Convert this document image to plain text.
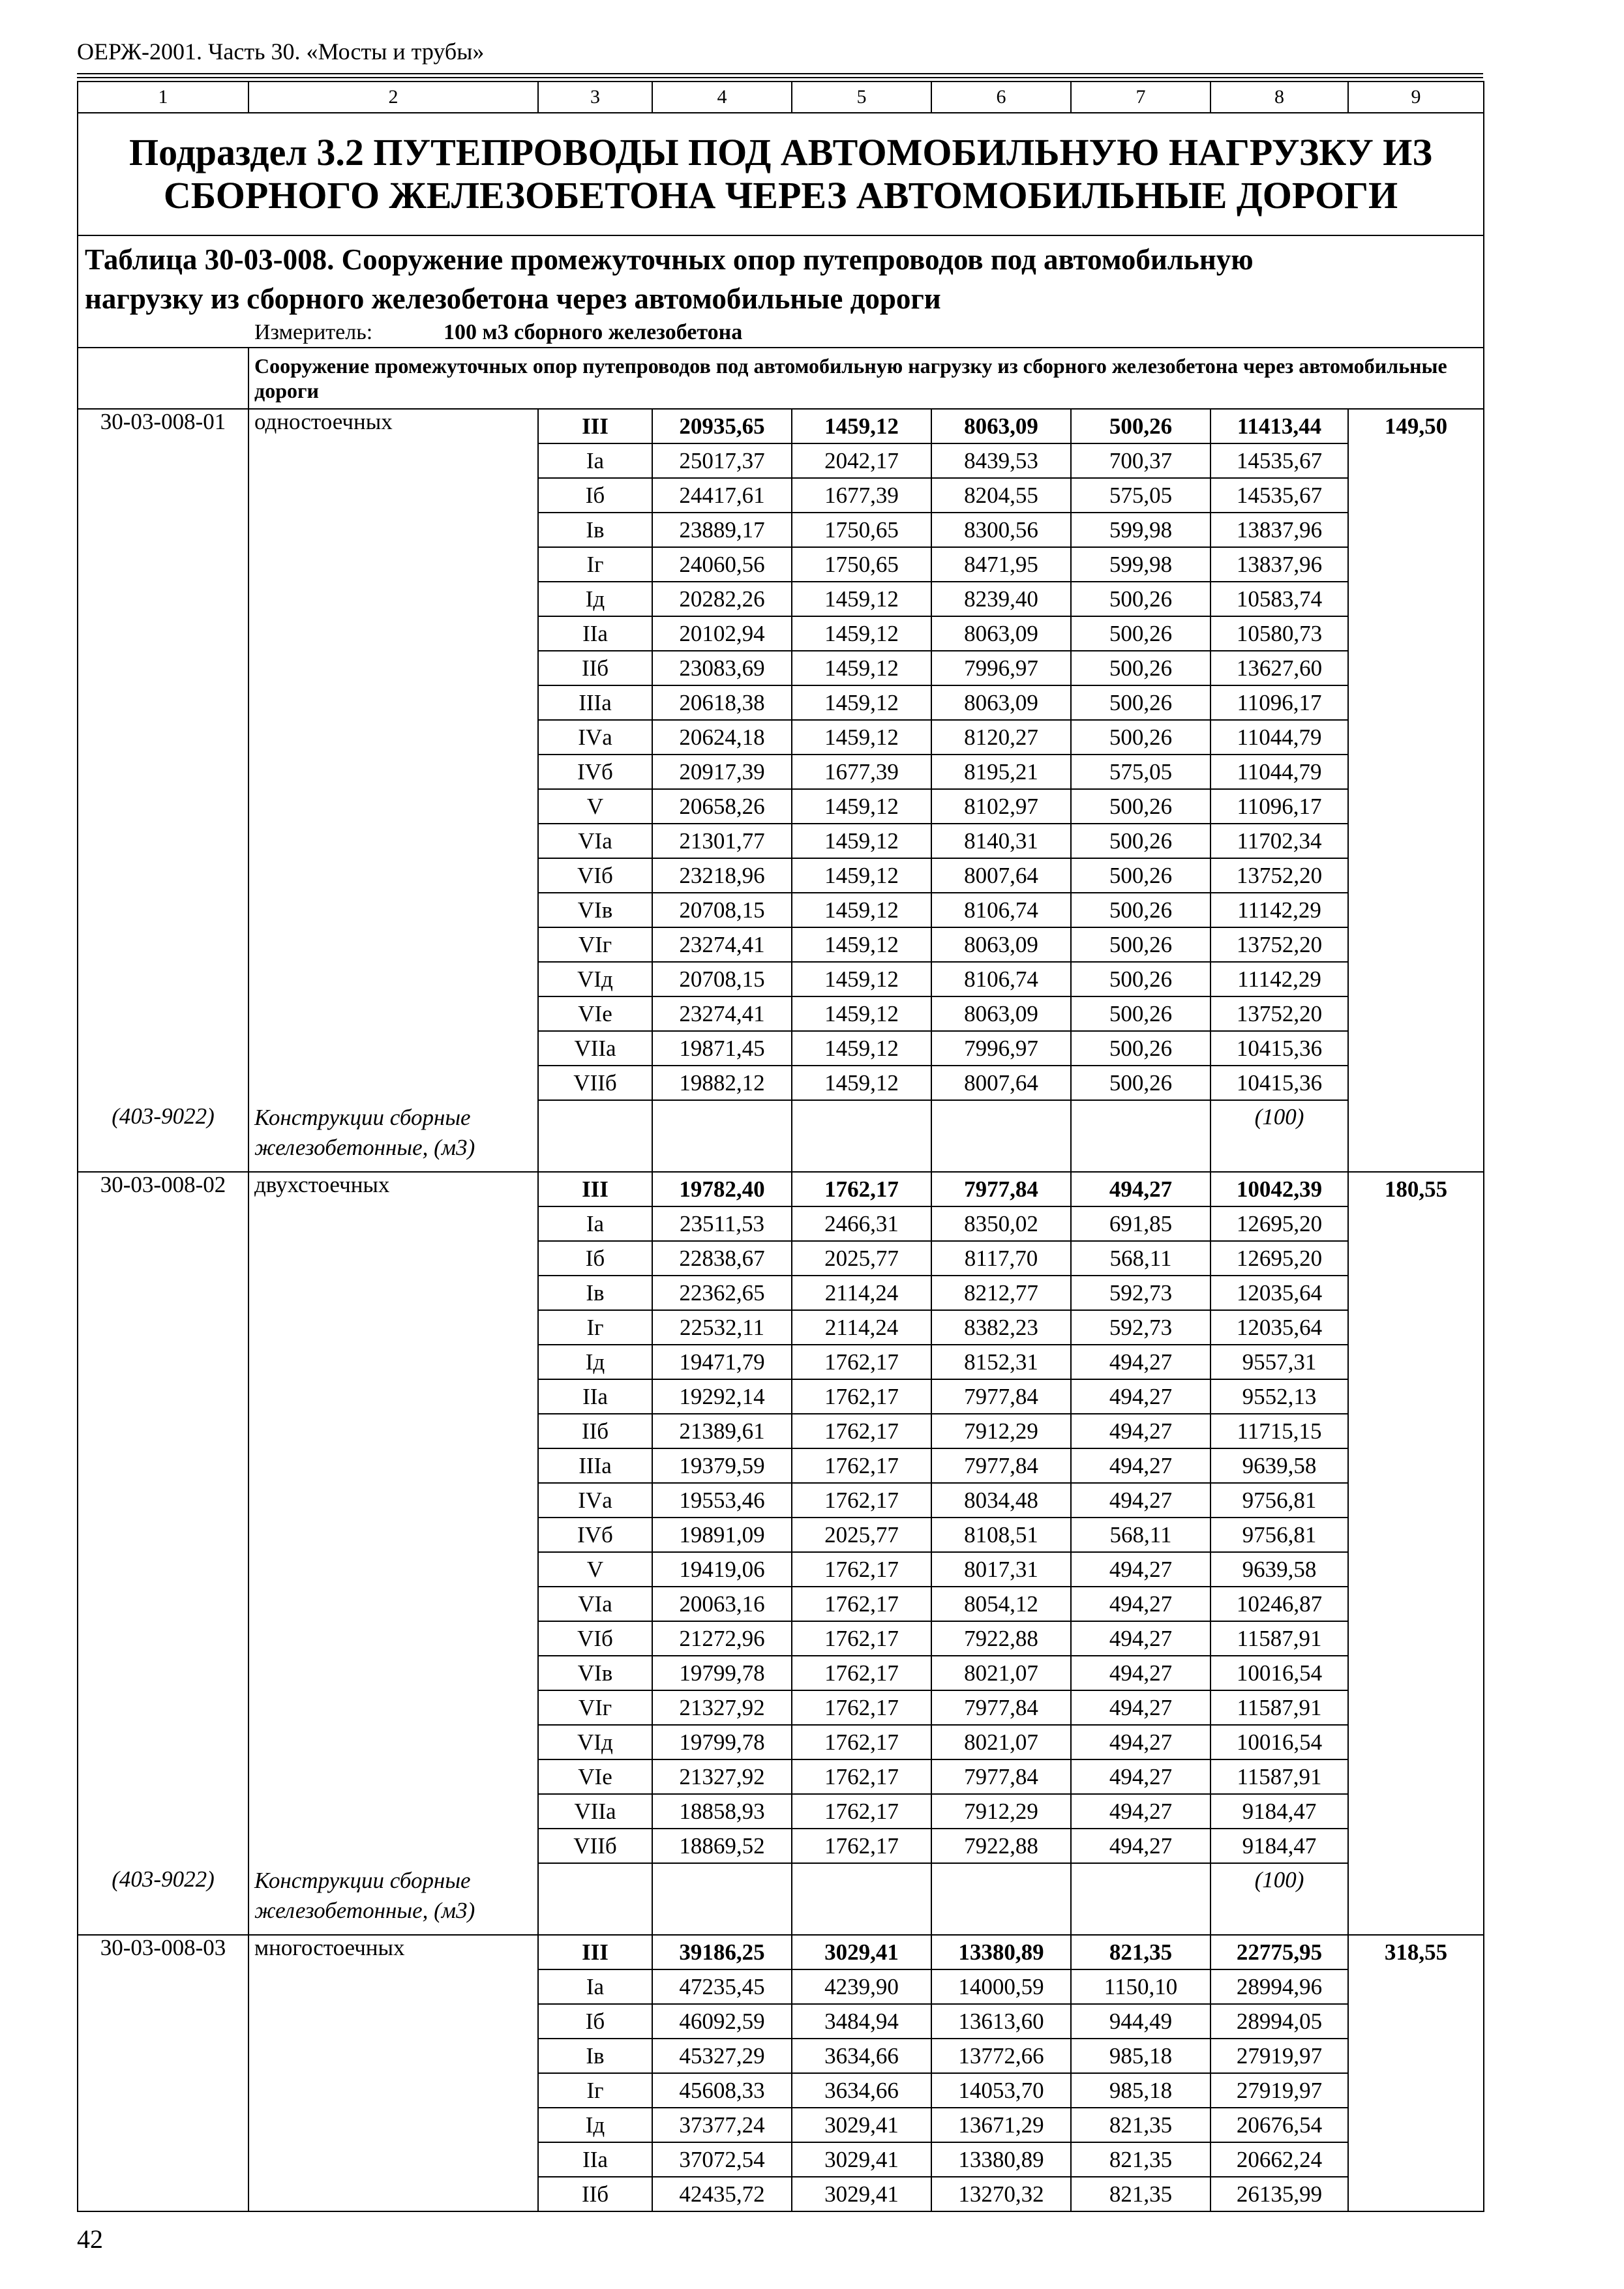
ОЕРЖ-2001. Часть 30. «Мосты и трубы»
1	2	3	4	5	6	7	8	9
Подраздел 3.2 ПУТЕПРОВОДЫ ПОД АВТОМОБИЛЬНУЮ НАГРУЗКУ ИЗ
СБОРНОГО ЖЕЛЕЗОБЕТОНА ЧЕРЕЗ АВТОМОБИЛЬНЫЕ ДОРОГИ								
Таблица 30-03-008. Сооружение промежуточных опор путепроводов под автомобильную
нагрузку из сборного железобетона через автомобильные дороги
Измеритель: 100 м3 сборного железобетона								

	Сооружение промежуточных опор путепроводов под автомобильную нагрузку из сборного железобетона через автомобильные дороги							
30-03-008-01	одностоечных	III	20935,65	1459,12	8063,09	500,26	11413,44	149,50
		Iа	25017,37	2042,17	8439,53	700,37	14535,67	
		Iб	24417,61	1677,39	8204,55	575,05	14535,67	
		Iв	23889,17	1750,65	8300,56	599,98	13837,96	
		Iг	24060,56	1750,65	8471,95	599,98	13837,96	
		Iд	20282,26	1459,12	8239,40	500,26	10583,74	
		IIа	20102,94	1459,12	8063,09	500,26	10580,73	
		IIб	23083,69	1459,12	7996,97	500,26	13627,60	
		IIIа	20618,38	1459,12	8063,09	500,26	11096,17	
		IVа	20624,18	1459,12	8120,27	500,26	11044,79	
		IVб	20917,39	1677,39	8195,21	575,05	11044,79	
		V	20658,26	1459,12	8102,97	500,26	11096,17	
		VIа	21301,77	1459,12	8140,31	500,26	11702,34	
		VIб	23218,96	1459,12	8007,64	500,26	13752,20	
		VIв	20708,15	1459,12	8106,74	500,26	11142,29	
		VIг	23274,41	1459,12	8063,09	500,26	13752,20	
		VIд	20708,15	1459,12	8106,74	500,26	11142,29	
		VIе	23274,41	1459,12	8063,09	500,26	13752,20	
		VIIа	19871,45	1459,12	7996,97	500,26	10415,36	
		VIIб	19882,12	1459,12	8007,64	500,26	10415,36	
(403-9022)	Конструкции сборные железобетонные, (м3)						(100)	
30-03-008-02	двухстоечных	III	19782,40	1762,17	7977,84	494,27	10042,39	180,55
		Iа	23511,53	2466,31	8350,02	691,85	12695,20	
		Iб	22838,67	2025,77	8117,70	568,11	12695,20	
		Iв	22362,65	2114,24	8212,77	592,73	12035,64	
		Iг	22532,11	2114,24	8382,23	592,73	12035,64	
		Iд	19471,79	1762,17	8152,31	494,27	9557,31	
		IIа	19292,14	1762,17	7977,84	494,27	9552,13	
		IIб	21389,61	1762,17	7912,29	494,27	11715,15	
		IIIа	19379,59	1762,17	7977,84	494,27	9639,58	
		IVа	19553,46	1762,17	8034,48	494,27	9756,81	
		IVб	19891,09	2025,77	8108,51	568,11	9756,81	
		V	19419,06	1762,17	8017,31	494,27	9639,58	
		VIа	20063,16	1762,17	8054,12	494,27	10246,87	
		VIб	21272,96	1762,17	7922,88	494,27	11587,91	
		VIв	19799,78	1762,17	8021,07	494,27	10016,54	
		VIг	21327,92	1762,17	7977,84	494,27	11587,91	
		VIд	19799,78	1762,17	8021,07	494,27	10016,54	
		VIе	21327,92	1762,17	7977,84	494,27	11587,91	
		VIIа	18858,93	1762,17	7912,29	494,27	9184,47	
		VIIб	18869,52	1762,17	7922,88	494,27	9184,47	
(403-9022)	Конструкции сборные железобетонные, (м3)						(100)	
30-03-008-03	многостоечных	III	39186,25	3029,41	13380,89	821,35	22775,95	318,55
		Iа	47235,45	4239,90	14000,59	1150,10	28994,96	
		Iб	46092,59	3484,94	13613,60	944,49	28994,05	
		Iв	45327,29	3634,66	13772,66	985,18	27919,97	
		Iг	45608,33	3634,66	14053,70	985,18	27919,97	
		Iд	37377,24	3029,41	13671,29	821,35	20676,54	
		IIа	37072,54	3029,41	13380,89	821,35	20662,24	
		IIб	42435,72	3029,41	13270,32	821,35	26135,99	
42
